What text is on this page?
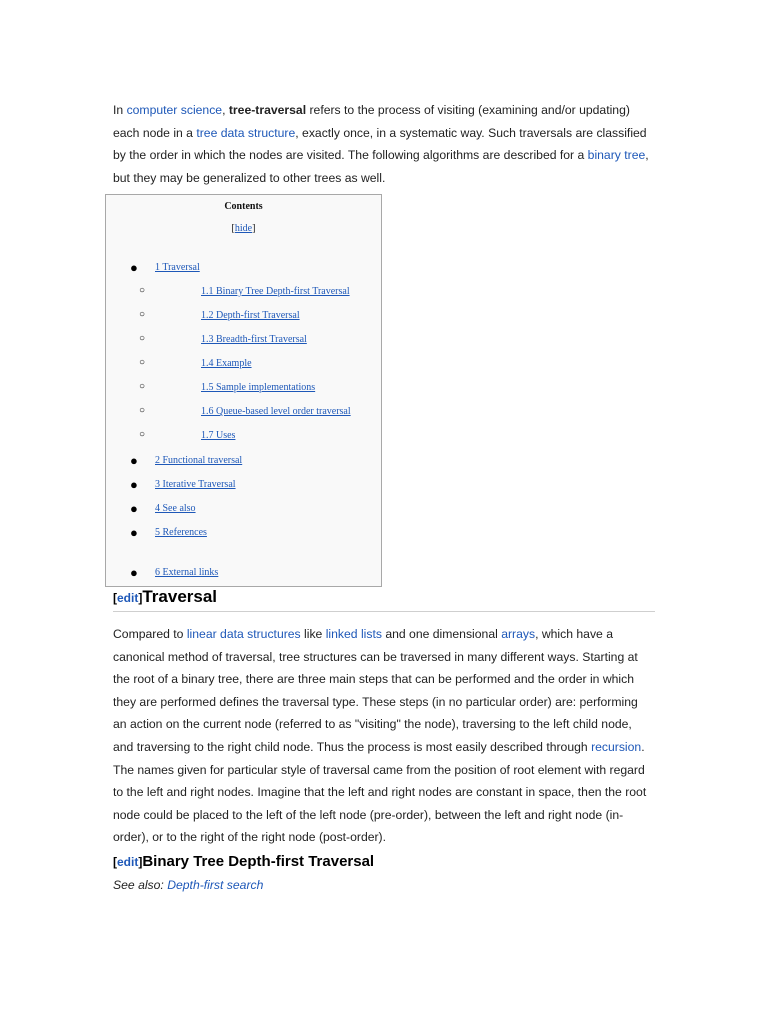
In computer science, tree-traversal refers to the process of visiting (examining and/or updating) each node in a tree data structure, exactly once, in a systematic way. Such traversals are classified by the order in which the nodes are visited. The following algorithms are described for a binary tree, but they may be generalized to other trees as well.

Contents
[hide]
● 1 Traversal
○	1.1 Binary Tree Depth-first Traversal
○	1.2 Depth-first Traversal
○	1.3 Breadth-first Traversal
○	1.4 Example
○	1.5 Sample implementations
○	1.6 Queue-based level order traversal
○	1.7 Uses
● 2 Functional traversal
● 3 Iterative Traversal
● 4 See also
● 5 References
● 6 External links
[edit]Traversal

Compared to linear data structures like linked lists and one dimensional arrays, which have a canonical method of traversal, tree structures can be traversed in many different ways. Starting at the root of a binary tree, there are three main steps that can be performed and the order in which they are performed defines the traversal type. These steps (in no particular order) are: performing an action on the current node (referred to as "visiting" the node), traversing to the left child node, and traversing to the right child node. Thus the process is most easily described through recursion. The names given for particular style of traversal came from the position of root element with regard to the left and right nodes. Imagine that the left and right nodes are constant in space, then the root node could be placed to the left of the left node (pre-order), between the left and right node (in-order), or to the right of the right node (post-order).

[edit]Binary Tree Depth-first Traversal

See also: Depth-first search
